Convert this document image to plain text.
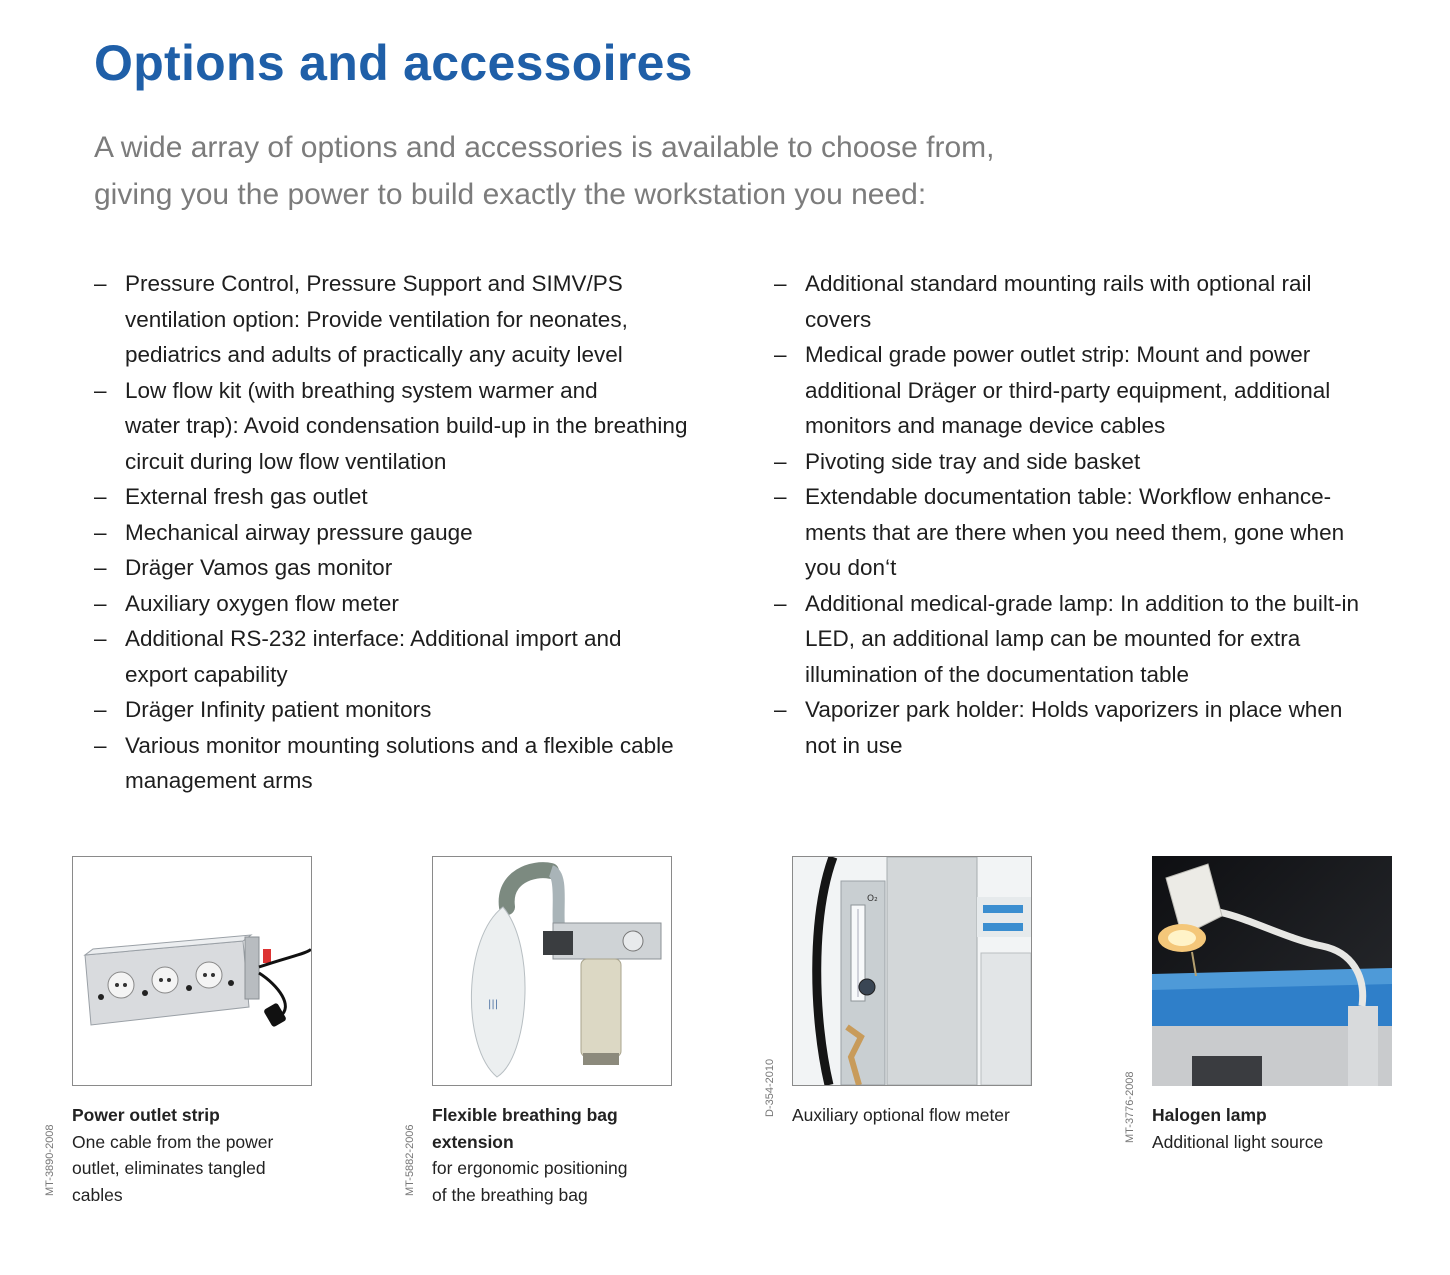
Options and accessoires

A wide array of options and accessories is available to choose from,
giving you the power to build exactly the workstation you need:

– Pressure Control, Pressure Support and SIMV/PS
ventilation option: Provide ventilation for neonates,
pediatrics and adults of practically any acuity level
– Low flow kit (with breathing system warmer and
water trap): Avoid condensation build-up in the breathing
circuit during low flow ventilation
– External fresh gas outlet
– Mechanical airway pressure gauge
– Dräger Vamos gas monitor
– Auxiliary oxygen flow meter
– Additional RS-232 interface: Additional import and
export capability
– Dräger Infinity patient monitors
– Various monitor mounting solutions and a flexible cable
management arms
– Additional standard mounting rails with optional rail
covers
– Medical grade power outlet strip: Mount and power
additional Dräger or third-party equipment, additional
monitors and manage device cables
– Pivoting side tray and side basket
– Extendable documentation table: Workflow enhance-
ments that are there when you need them, gone when
you don‘t
– Additional medical-grade lamp: In addition to the built-in
LED, an additional lamp can be mounted for extra
illumination of the documentation table
– Vaporizer park holder: Holds vaporizers in place when
not in use
MT-3890-2008
Power outlet strip
One cable from the power
outlet, eliminates tangled
cables
|||
MT-5882-2006
Flexible breathing bag
extension
for ergonomic positioning
of the breathing bag
O₂
D-354-2010 Auxiliary optional flow meter	MT-3776-2008 Halogen lamp
Additional light source
